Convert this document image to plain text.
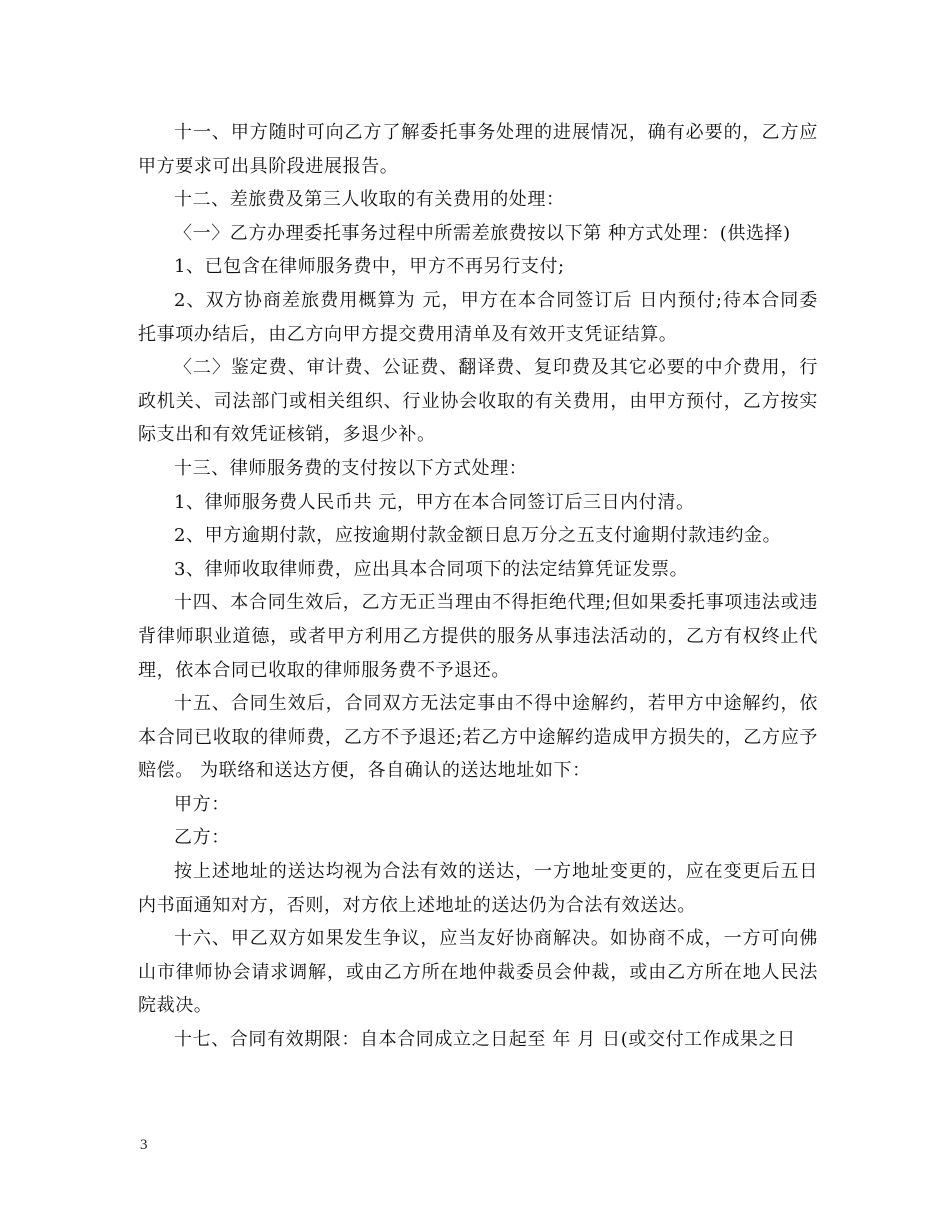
十一、甲方随时可向乙方了解委托事务处理的进展情况，确有必要的，乙方应甲方要求可出具阶段进展报告。

十二、差旅费及第三人收取的有关费用的处理：

〈一〉乙方办理委托事务过程中所需差旅费按以下第 种方式处理：(供选择)

1、已包含在律师服务费中，甲方不再另行支付;

2、双方协商差旅费用概算为 元，甲方在本合同签订后 日内预付;待本合同委托事项办结后，由乙方向甲方提交费用清单及有效开支凭证结算。

〈二〉鉴定费、审计费、公证费、翻译费、复印费及其它必要的中介费用，行政机关、司法部门或相关组织、行业协会收取的有关费用，由甲方预付，乙方按实际支出和有效凭证核销，多退少补。

十三、律师服务费的支付按以下方式处理：

1、律师服务费人民币共 元，甲方在本合同签订后三日内付清。

2、甲方逾期付款，应按逾期付款金额日息万分之五支付逾期付款违约金。

3、律师收取律师费，应出具本合同项下的法定结算凭证发票。

十四、本合同生效后，乙方无正当理由不得拒绝代理;但如果委托事项违法或违背律师职业道德，或者甲方利用乙方提供的服务从事违法活动的，乙方有权终止代理，依本合同已收取的律师服务费不予退还。

十五、合同生效后，合同双方无法定事由不得中途解约，若甲方中途解约，依本合同已收取的律师费，乙方不予退还;若乙方中途解约造成甲方损失的，乙方应予赔偿。 为联络和送达方便，各自确认的送达地址如下：

甲方：

乙方：

按上述地址的送达均视为合法有效的送达，一方地址变更的，应在变更后五日内书面通知对方，否则，对方依上述地址的送达仍为合法有效送达。

十六、甲乙双方如果发生争议，应当友好协商解决。如协商不成，一方可向佛山市律师协会请求调解，或由乙方所在地仲裁委员会仲裁，或由乙方所在地人民法院裁决。

十七、合同有效期限：自本合同成立之日起至 年 月 日(或交付工作成果之日

3
